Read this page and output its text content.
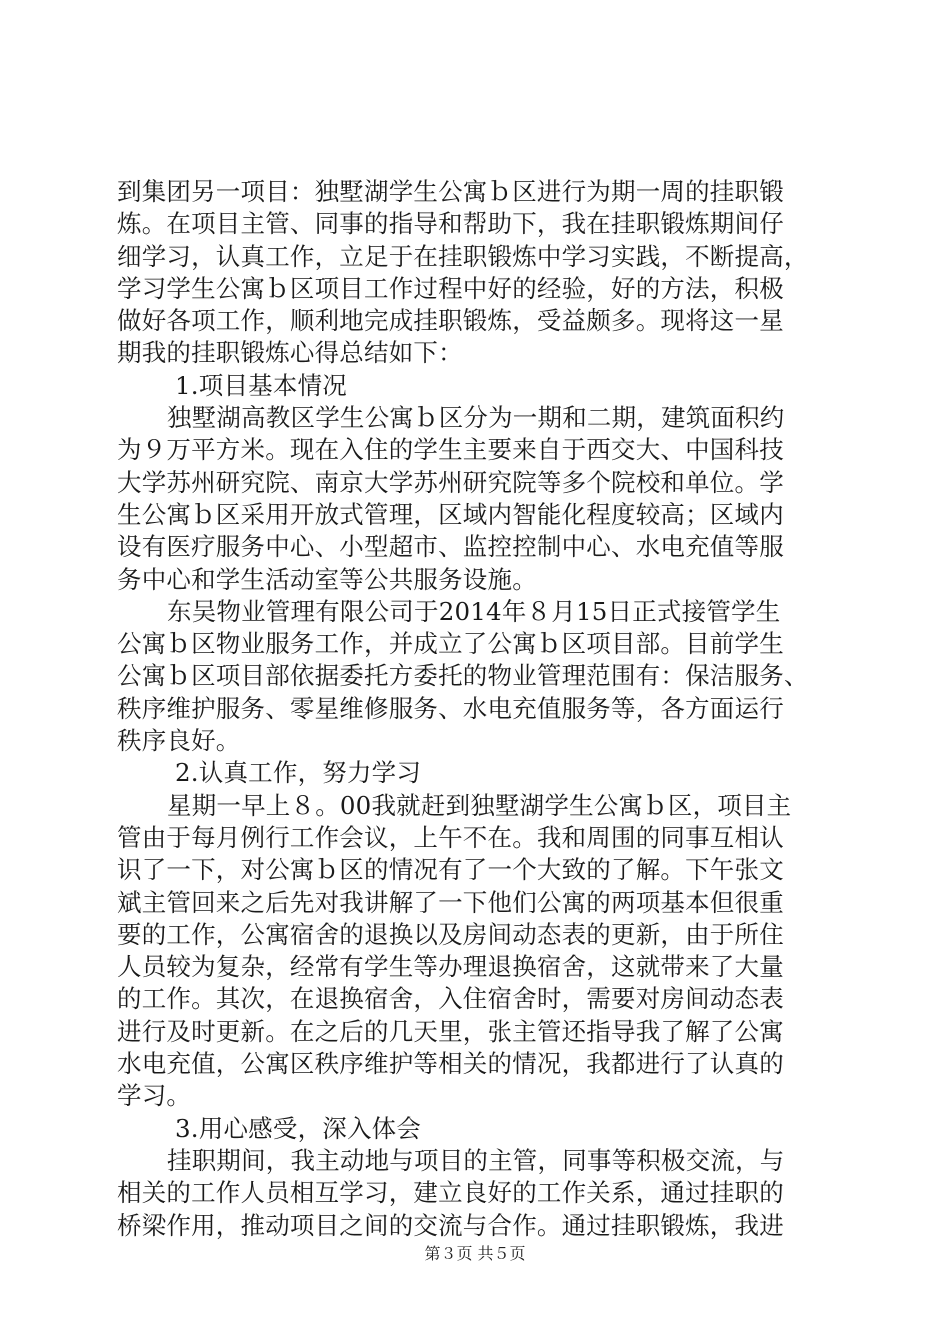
到集团另一项目：独墅湖学生公寓ｂ区进行为期一周的挂职锻
炼。在项目主管、同事的指导和帮助下，我在挂职锻炼期间仔
细学习，认真工作，立足于在挂职锻炼中学习实践，不断提高，
学习学生公寓ｂ区项目工作过程中好的经验，好的方法，积极
做好各项工作，顺利地完成挂职锻炼，受益颇多。现将这一星
期我的挂职锻炼心得总结如下：
1.项目基本情况
独墅湖高教区学生公寓ｂ区分为一期和二期，建筑面积约
为９万平方米。现在入住的学生主要来自于西交大、中国科技
大学苏州研究院、南京大学苏州研究院等多个院校和单位。学
生公寓ｂ区采用开放式管理，区域内智能化程度较高；区域内
设有医疗服务中心、小型超市、监控控制中心、水电充值等服
务中心和学生活动室等公共服务设施。
东吴物业管理有限公司于2014年８月15日正式接管学生
公寓ｂ区物业服务工作，并成立了公寓ｂ区项目部。目前学生
公寓ｂ区项目部依据委托方委托的物业管理范围有：保洁服务、
秩序维护服务、零星维修服务、水电充值服务等，各方面运行
秩序良好。
2.认真工作，努力学习
星期一早上８。00我就赶到独墅湖学生公寓ｂ区，项目主
管由于每月例行工作会议，上午不在。我和周围的同事互相认
识了一下，对公寓ｂ区的情况有了一个大致的了解。下午张文
斌主管回来之后先对我讲解了一下他们公寓的两项基本但很重
要的工作，公寓宿舍的退换以及房间动态表的更新，由于所住
人员较为复杂，经常有学生等办理退换宿舍，这就带来了大量
的工作。其次，在退换宿舍，入住宿舍时，需要对房间动态表
进行及时更新。在之后的几天里，张主管还指导我了解了公寓
水电充值，公寓区秩序维护等相关的情况，我都进行了认真的
学习。
3.用心感受，深入体会
挂职期间，我主动地与项目的主管，同事等积极交流，与
相关的工作人员相互学习，建立良好的工作关系，通过挂职的
桥梁作用，推动项目之间的交流与合作。通过挂职锻炼，我进
第３页 共５页
